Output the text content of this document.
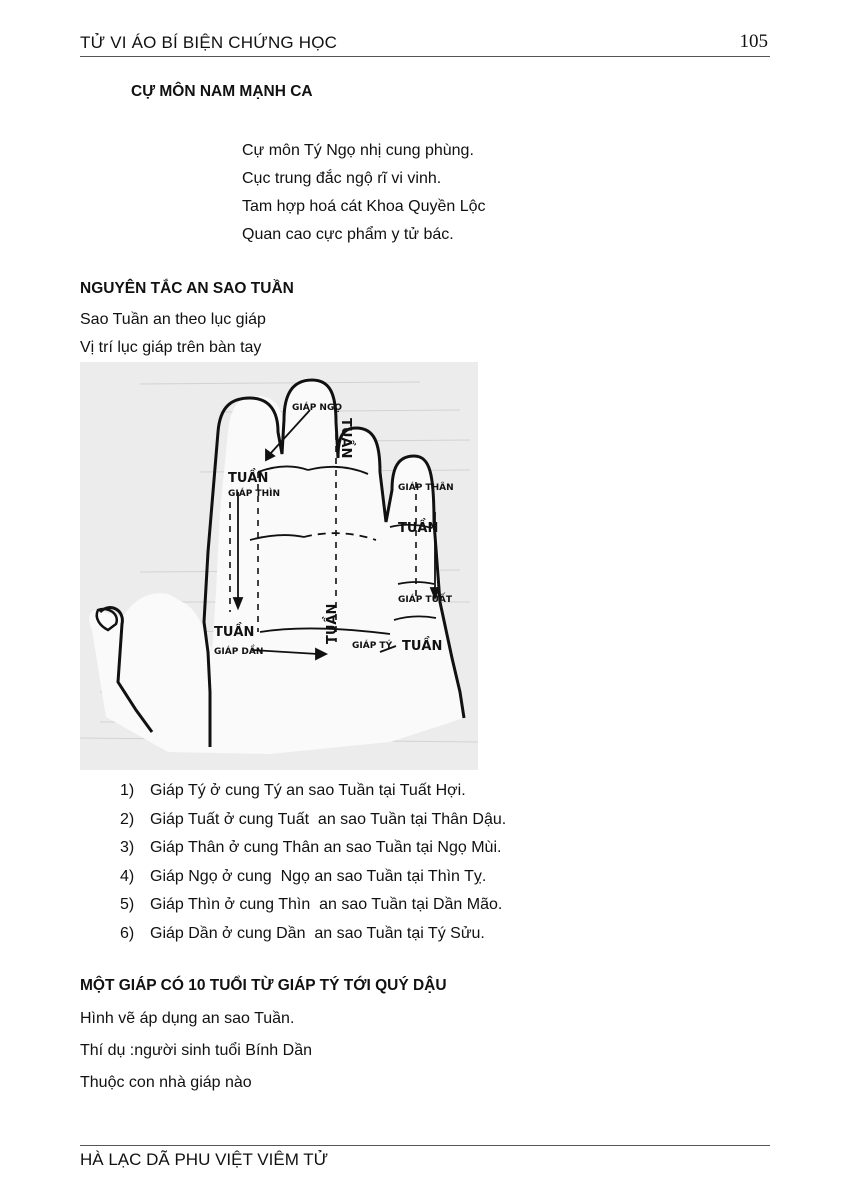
TỬ VI ÁO BÍ BIỆN CHỨNG HỌC	105
CỰ MÔN NAM MẠNH CA
Cự môn Tý Ngọ nhị cung phùng.
Cục trung đắc ngộ rĩ vi vinh.
Tam hợp hoá cát Khoa Quyền Lộc
Quan cao cực phẩm y tử bác.
NGUYÊN TẮC AN SAO TUẦN
Sao Tuần an theo lục giáp
Vị trí lục giáp trên bàn tay
GIÁP NGỌ
GIÁP THÌN
GIÁP THÂN
GIÁP TUẤT
GIÁP DẦN
GIÁP TÝ
TUẦN
TUẦN
TUẦN
TUẦN
TUẦN
TUẦN
1) Giáp Tý ở cung Tý an sao Tuần tại Tuất Hợi.
2) Giáp Tuất ở cung Tuất  an sao Tuần tại Thân Dậu.
3) Giáp Thân ở cung Thân an sao Tuần tại Ngọ Mùi.
4) Giáp Ngọ ở cung  Ngọ an sao Tuần tại Thìn Tỵ.
5) Giáp Thìn ở cung Thìn  an sao Tuần tại Dần Mão.
6) Giáp Dần ở cung Dần  an sao Tuần tại Tý Sửu.
MỘT GIÁP CÓ 10 TUỔI TỪ GIÁP TÝ TỚI QUÝ DẬU
Hình vẽ áp dụng an sao Tuần.
Thí dụ :người sinh tuổi Bính Dần
Thuộc con nhà giáp nào
HÀ LẠC DÃ PHU VIỆT VIÊM TỬ
